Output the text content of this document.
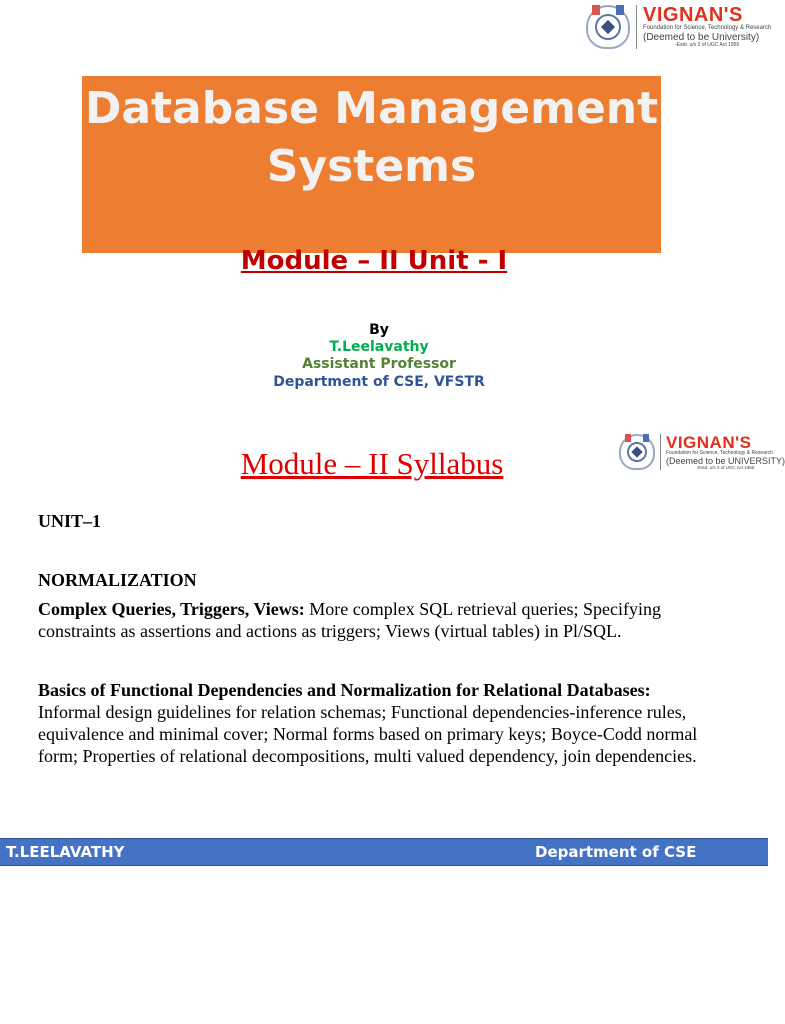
VIGNAN'S
Foundation for Science, Technology & Research
(Deemed to be University)
-Estd. u/s 3 of UGC Act 1956
Database Management Systems
Module – II Unit - I
By
T.Leelavathy
Assistant Professor
Department of CSE, VFSTR
VIGNAN'S
Foundation for Science, Technology & Research
(Deemed to be UNIVERSITY)
-Estd. u/s 3 of UGC Act 1956
Module – II Syllabus
UNIT–1
NORMALIZATION
Complex Queries, Triggers, Views: More complex SQL retrieval queries; Specifying constraints as assertions and actions as triggers; Views (virtual tables) in Pl/SQL.
Basics of Functional Dependencies and Normalization for Relational Databases:
Informal design guidelines for relation schemas; Functional dependencies-inference rules, equivalence and minimal cover; Normal forms based on primary keys; Boyce-Codd normal form; Properties of relational decompositions, multi valued dependency, join dependencies.
T.LEELAVATHY	Department of CSE
